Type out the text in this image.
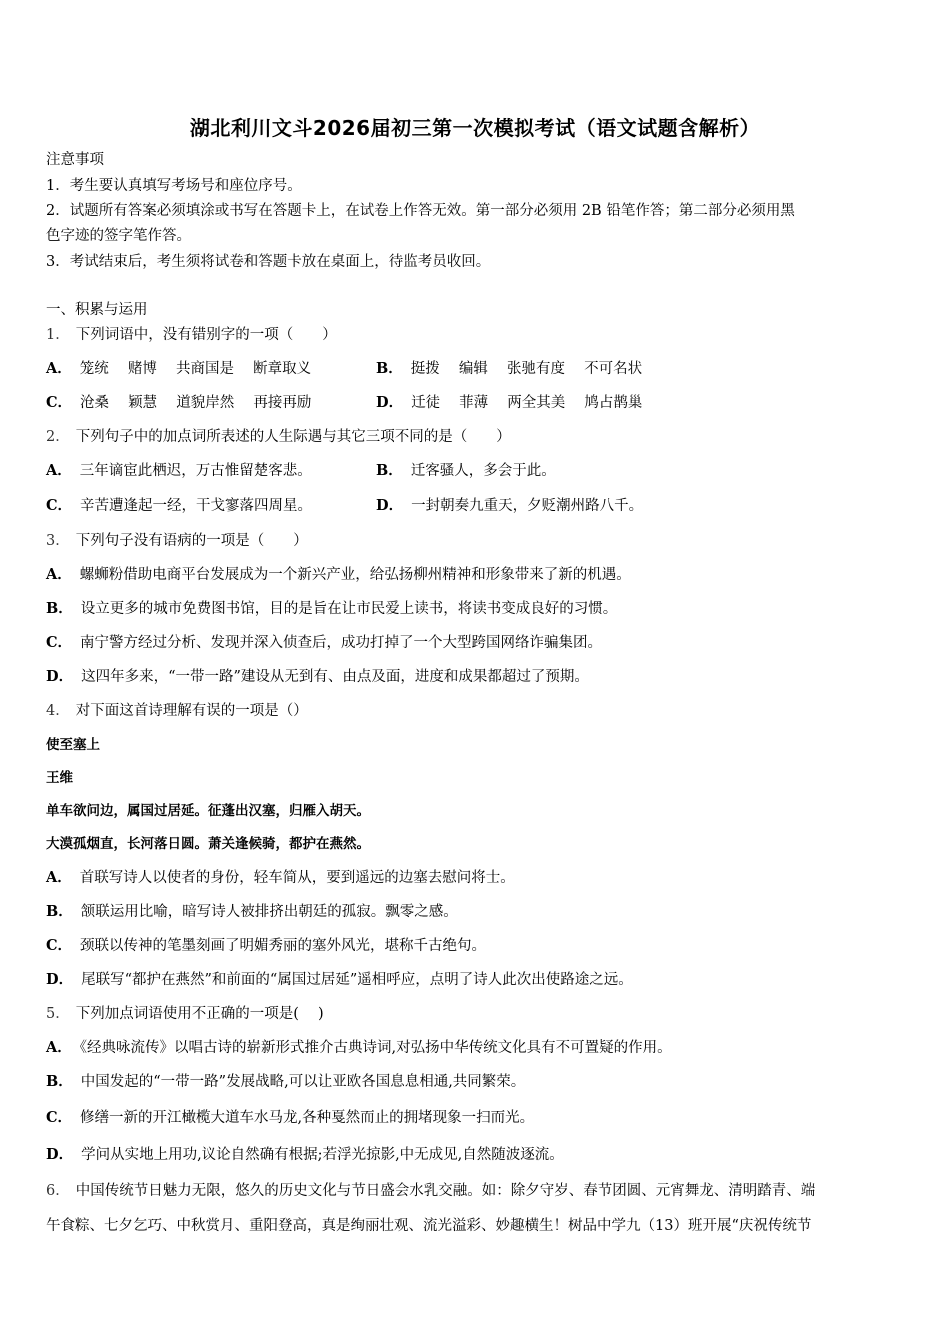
湖北利川文斗2026届初三第一次模拟考试（语文试题含解析）
注意事项
1．考生要认真填写考场号和座位序号。
2．试题所有答案必须填涂或书写在答题卡上，在试卷上作答无效。第一部分必须用 2B 铅笔作答；第二部分必须用黑
色字迹的签字笔作答。
3．考试结束后，考生须将试卷和答题卡放在桌面上，待监考员收回。
一、积累与运用
1． 下列词语中，没有错别字的一项（　　）
A． 笼统　 赌博　 共商国是　 断章取义	B． 挺拨　 编辑　 张驰有度　 不可名状
C． 沧桑　 颖慧　 道貌岸然　 再接再励	D． 迁徒　 菲薄　 两全其美　 鸠占鹊巢
2． 下列句子中的加点词所表述的人生际遇与其它三项不同的是（　　）
A． 三年谪宦此栖迟，万古惟留楚客悲。	B． 迁客骚人，多会于此。
C． 辛苦遭逢起一经，干戈寥落四周星。	D． 一封朝奏九重天，夕贬潮州路八千。
3． 下列句子没有语病的一项是（　　）
A． 螺蛳粉借助电商平台发展成为一个新兴产业，给弘扬柳州精神和形象带来了新的机遇。
B． 设立更多的城市免费图书馆，目的是旨在让市民爱上读书，将读书变成良好的习惯。
C． 南宁警方经过分析、发现并深入侦查后，成功打掉了一个大型跨国网络诈骗集团。
D． 这四年多来，“一带一路”建设从无到有、由点及面，进度和成果都超过了预期。
4． 对下面这首诗理解有误的一项是（）
使至塞上
王维
单车欲问边，属国过居延。征蓬出汉塞，归雁入胡天。
大漠孤烟直，长河落日圆。萧关逢候骑，都护在燕然。
A． 首联写诗人以使者的身份，轻车简从，要到遥远的边塞去慰问将士。
B． 颔联运用比喻，暗写诗人被排挤出朝廷的孤寂。飘零之感。
C． 颈联以传神的笔墨刻画了明媚秀丽的塞外风光，堪称千古绝句。
D． 尾联写“都护在燕然”和前面的“属国过居延”遥相呼应，点明了诗人此次出使路途之远。
5． 下列加点词语使用不正确的一项是(　 )
A． 《经典咏流传》以唱古诗的崭新形式推介古典诗词,对弘扬中华传统文化具有不可置疑的作用。
B． 中国发起的“一带一路”发展战略,可以让亚欧各国息息相通,共同繁荣。
C． 修缮一新的开江橄榄大道车水马龙,各种戛然而止的拥堵现象一扫而光。
D． 学问从实地上用功,议论自然确有根据;若浮光掠影,中无成见,自然随波逐流。
6． 中国传统节日魅力无限，悠久的历史文化与节日盛会水乳交融。如：除夕守岁、春节团圆、元宵舞龙、清明踏青、端
午食粽、七夕乞巧、中秋赏月、重阳登高，真是绚丽壮观、流光溢彩、妙趣横生！树品中学九（13）班开展“庆祝传统节
